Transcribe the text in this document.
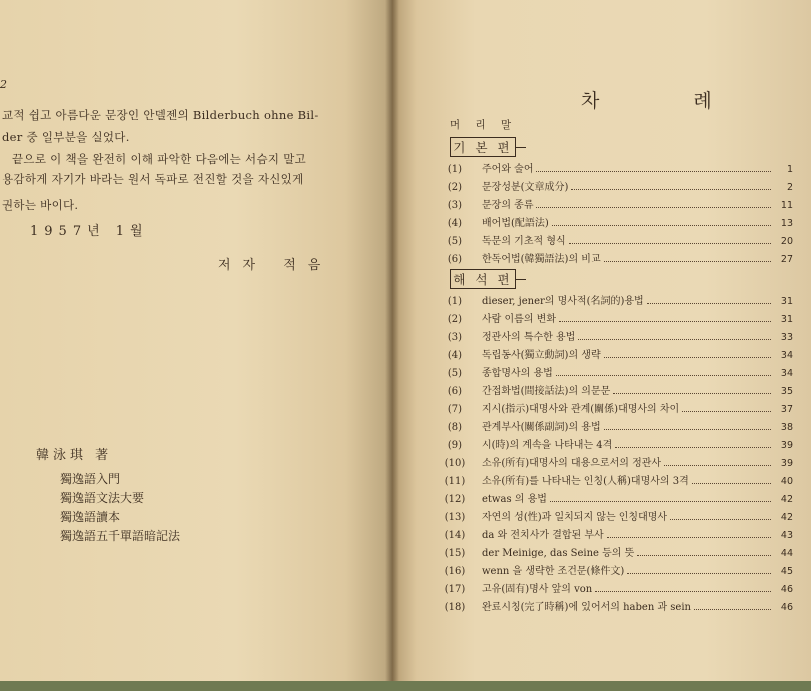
2
교적 쉽고 아름다운 문장인 안델젠의 Bilderbuch ohne Bil-
der 중 일부분을 실었다.
끝으로 이 책을 완전히 이해 파악한 다음에는 서슴지 말고
용감하게 자기가 바라는 원서 독파로 전진할 것을 자신있게
권하는 바이다.
1957년 1월
저자 적음
韓泳琪 著
獨逸語入門
獨逸語文法大要
獨逸語讀本
獨逸語五千單語暗記法
차 례
머 리 말
기 본 편
해 석 편
(1)	주어와 술어	1
(2)	문장성분(文章成分)	2
(3)	문장의 종류	11
(4)	배어법(配語法)	13
(5)	독문의 기초적 형식	20
(6)	한독어법(韓獨語法)의 비교	27
(1)	dieser, jener의 명사적(名詞的)용법	31
(2)	사람 이름의 변화	31
(3)	정관사의 특수한 용법	33
(4)	독립동사(獨立動詞)의 생략	34
(5)	종합명사의 용법	34
(6)	간접화법(間接話法)의 의문문	35
(7)	지시(指示)대명사와 관계(關係)대명사의 차이	37
(8)	관계부사(關係副詞)의 용법	38
(9)	시(時)의 계속을 나타내는 4격	39
(10)	소유(所有)대명사의 대용으로서의 정관사	39
(11)	소유(所有)를 나타내는 인칭(人稱)대명사의 3격	40
(12)	etwas 의 용법	42
(13)	자연의 성(性)과 일치되지 않는 인칭대명사	42
(14)	da 와 전치사가 결합된 부사	43
(15)	der Meinige, das Seine 등의 뜻	44
(16)	wenn 을 생략한 조건문(條件文)	45
(17)	고유(固有)명사 앞의 von	46
(18)	완료시칭(完了時稱)에 있어서의 haben 과 sein	46
